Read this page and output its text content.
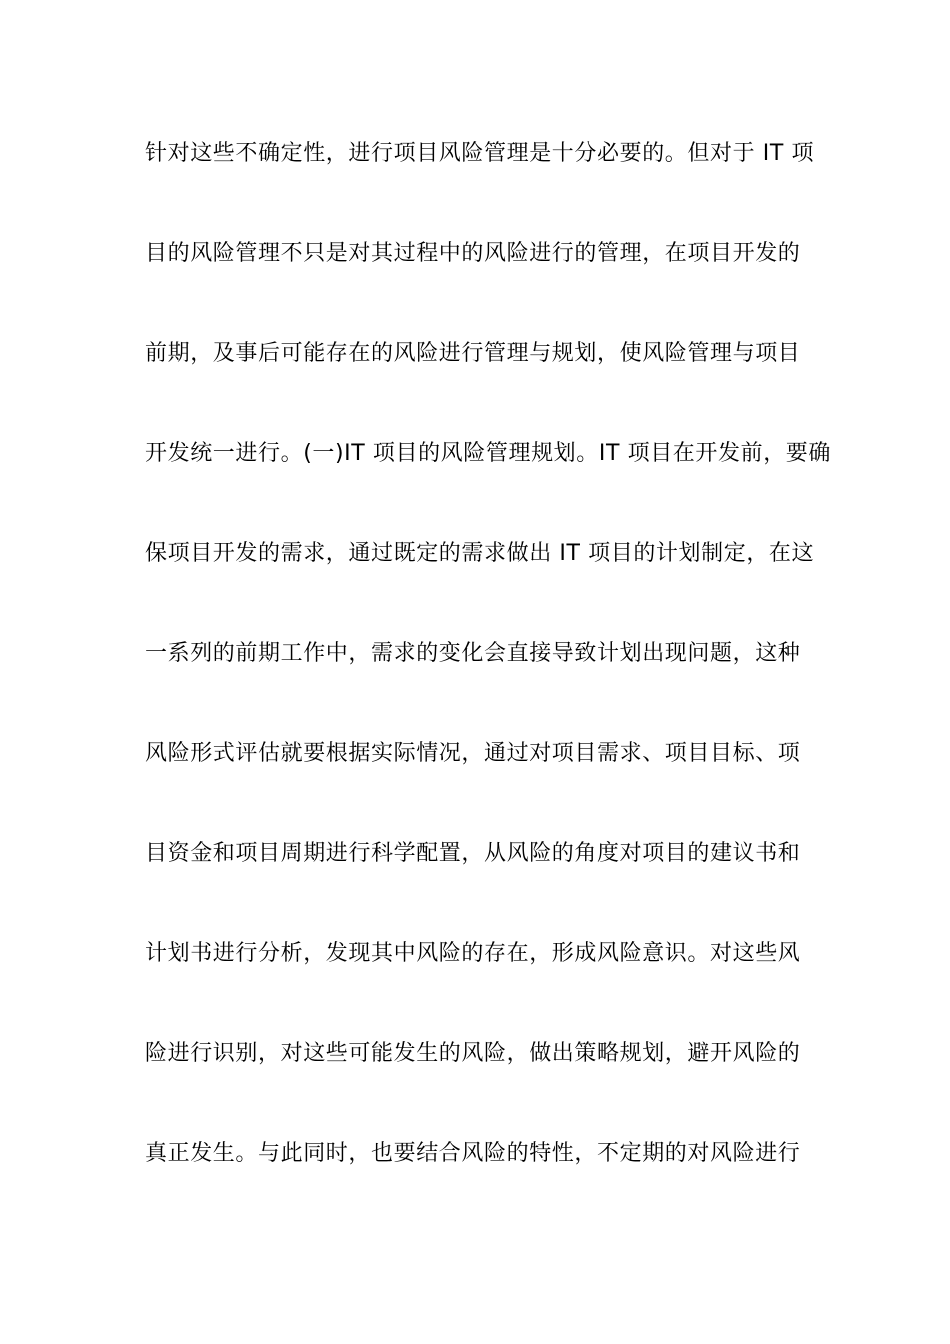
针对这些不确定性，进行项目风险管理是十分必要的。但对于 IT 项
目的风险管理不只是对其过程中的风险进行的管理，在项目开发的
前期，及事后可能存在的风险进行管理与规划，使风险管理与项目
开发统一进行。(一)IT 项目的风险管理规划。IT 项目在开发前，要确
保项目开发的需求，通过既定的需求做出 IT 项目的计划制定，在这
一系列的前期工作中，需求的变化会直接导致计划出现问题，这种
风险形式评估就要根据实际情况，通过对项目需求、项目目标、项
目资金和项目周期进行科学配置，从风险的角度对项目的建议书和
计划书进行分析，发现其中风险的存在，形成风险意识。对这些风
险进行识别，对这些可能发生的风险，做出策略规划，避开风险的
真正发生。与此同时，也要结合风险的特性，不定期的对风险进行
